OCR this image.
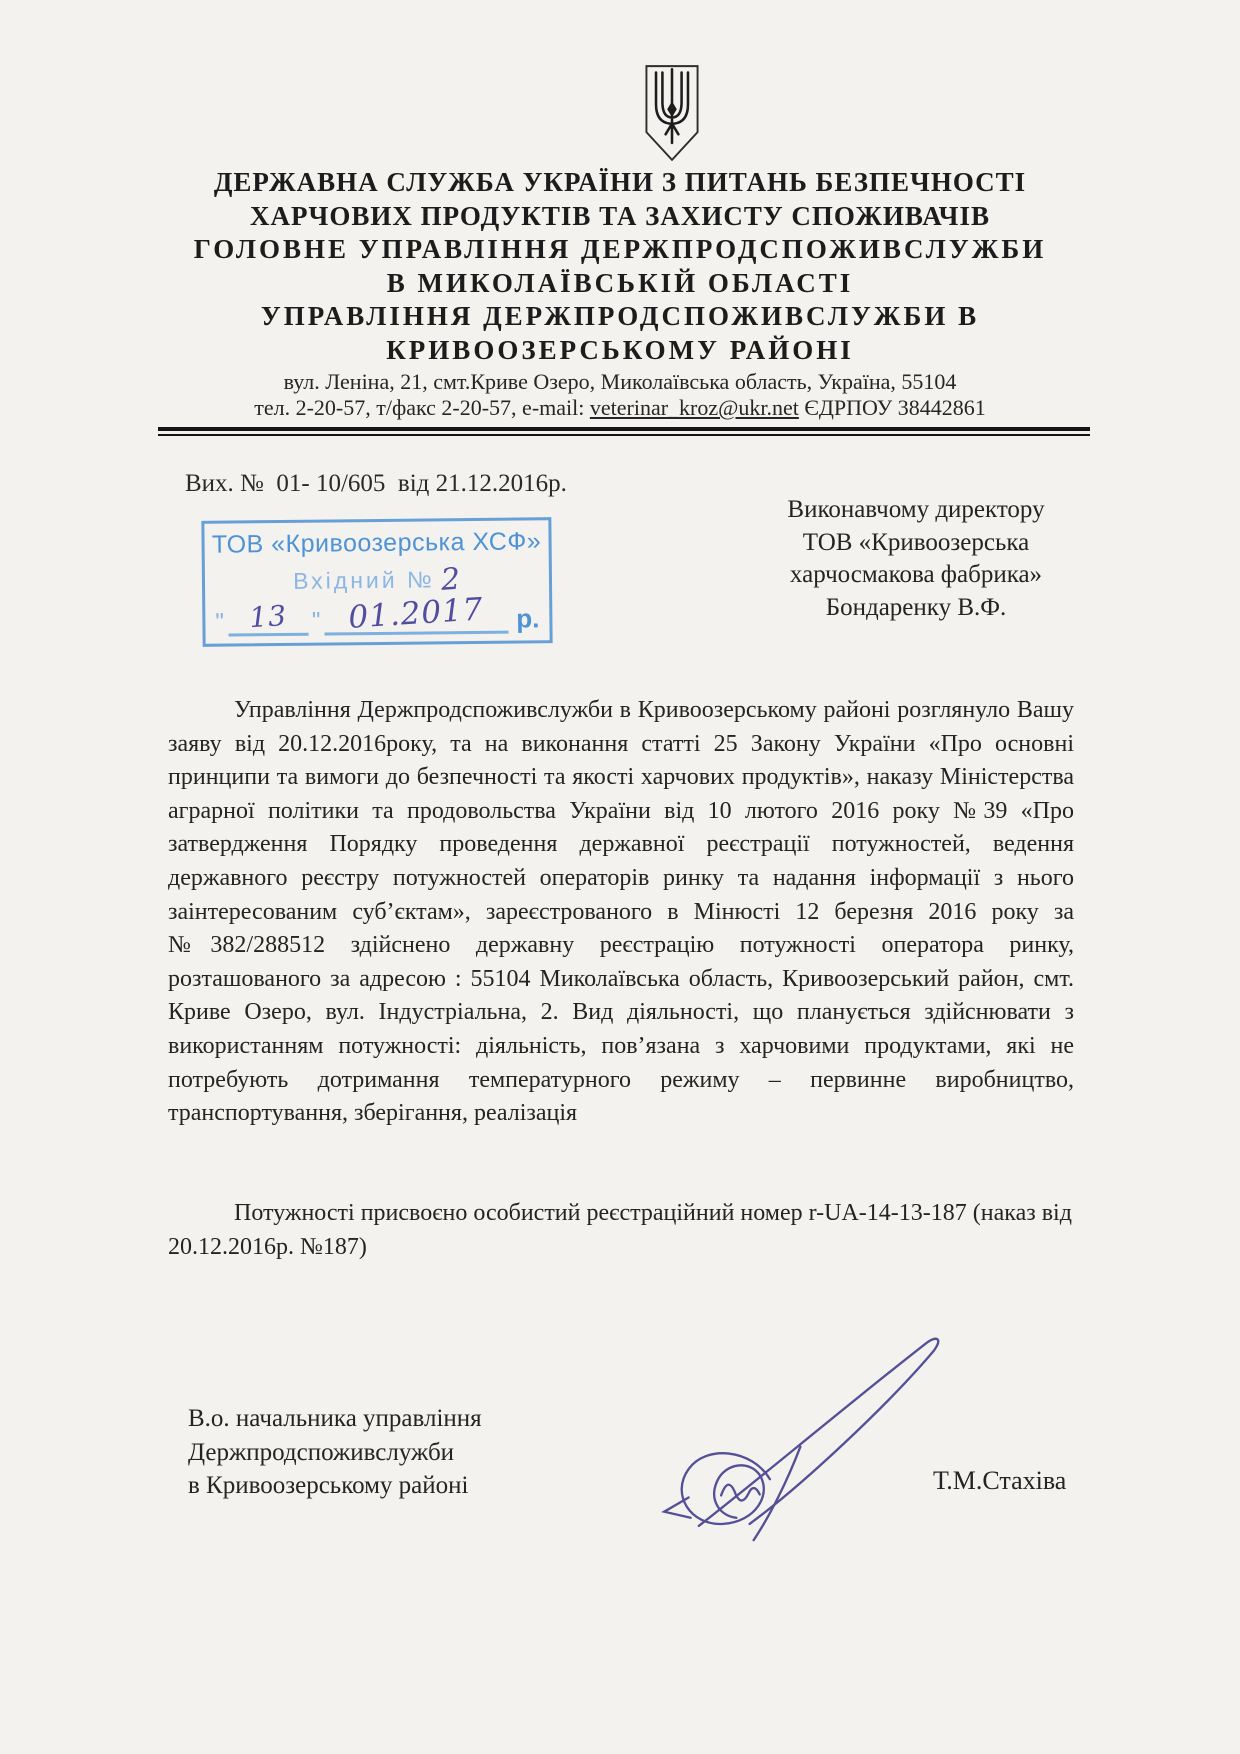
ДЕРЖАВНА СЛУЖБА УКРАЇНИ З ПИТАНЬ БЕЗПЕЧНОСТІ
ХАРЧОВИХ ПРОДУКТІВ ТА ЗАХИСТУ СПОЖИВАЧІВ
ГОЛОВНЕ УПРАВЛІННЯ ДЕРЖПРОДСПОЖИВСЛУЖБИ
В МИКОЛАЇВСЬКІЙ ОБЛАСТІ
УПРАВЛІННЯ ДЕРЖПРОДСПОЖИВСЛУЖБИ В
КРИВООЗЕРСЬКОМУ РАЙОНІ
вул. Леніна, 21, смт.Криве Озеро, Миколаївська область, Україна, 55104
тел. 2-20-57, т/факс 2-20-57, e-mail: veterinar_kroz@ukr.net ЄДРПОУ 38442861
Вих. №  01- 10/605  від 21.12.2016р.
ТОВ «Кривоозерська ХСФ»
Вхідний № 2
" 13	" 01.2017	р.
Виконавчому директору
ТОВ «Кривоозерська
харчосмакова фабрика»
Бондаренку В.Ф.
Управління Держпродспоживслужби в Кривоозерському районі розглянуло Вашу заяву від 20.12.2016року, та на виконання статті 25 Закону України «Про основні принципи та вимоги до безпечності та якості харчових продуктів», наказу Міністерства аграрної політики та продовольства України від 10 лютого 2016 року №39 «Про затвердження Порядку проведення державної реєстрації потужностей, ведення державного реєстру потужностей операторів ринку та надання інформації з нього заінтересованим суб’єктам», зареєстрованого в Мінюсті 12 березня 2016 року за №382/288512 здійснено державну реєстрацію потужності оператора ринку, розташованого за адресою : 55104 Миколаївська область, Кривоозерський район, смт. Криве Озеро, вул. Індустріальна, 2. Вид діяльності, що планується здійснювати з використанням потужності: діяльність, пов’язана з харчовими продуктами, які не потребують дотримання температурного режиму – первинне виробництво, транспортування, зберігання, реалізація
Потужності присвоєно особистий реєстраційний номер r-UA-14-13-187 (наказ від 20.12.2016р. №187)
В.о. начальника управління
Держпродспоживслужби
в Кривоозерському районі	Т.М.Стахіва
